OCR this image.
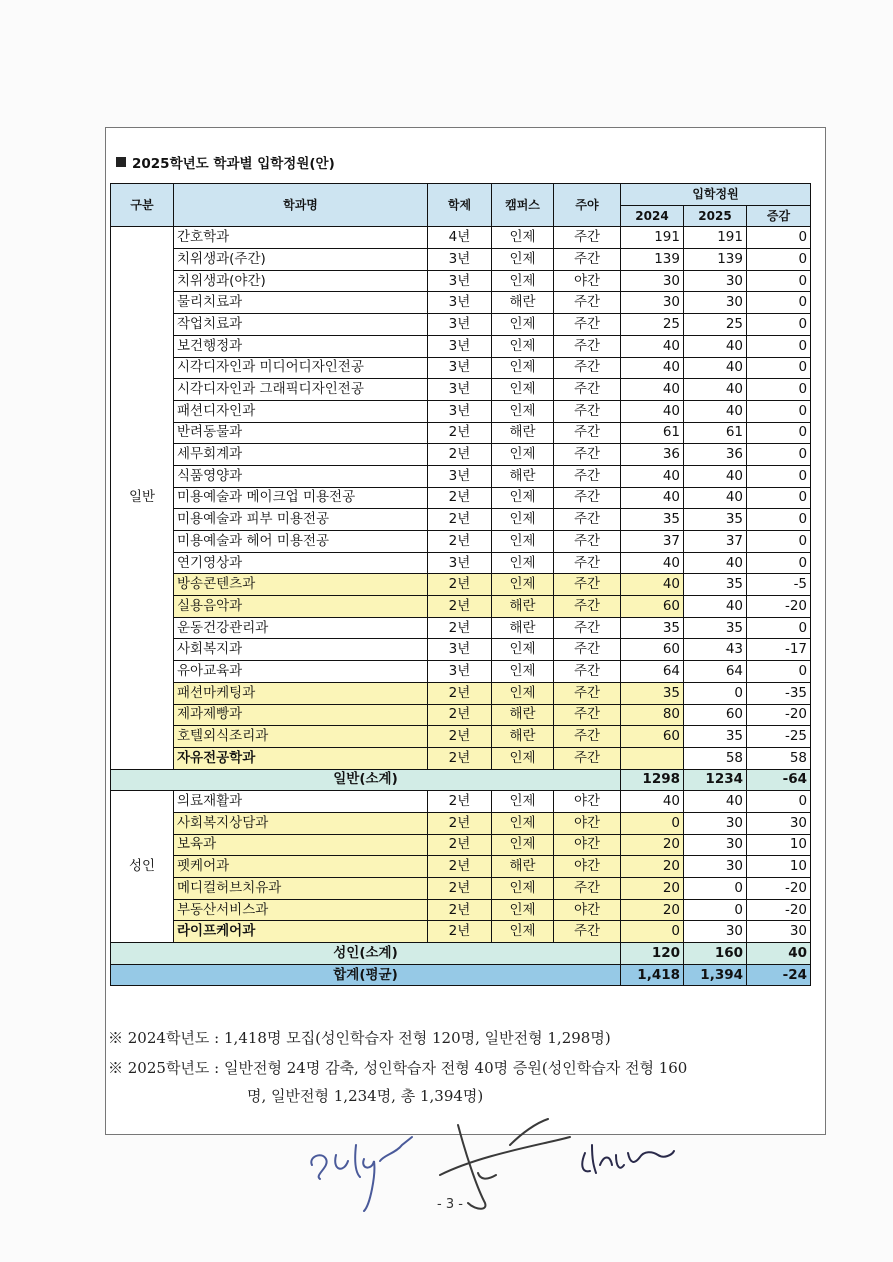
2025학년도 학과별 입학정원(안)
구분	학과명	학제	캠퍼스	주야	입학정원		
					2024	2025	증감
일반	간호학과	4년	인제	주간	191	191	0
	치위생과(주간)	3년	인제	주간	139	139	0
	치위생과(야간)	3년	인제	야간	30	30	0
	물리치료과	3년	해란	주간	30	30	0
	작업치료과	3년	인제	주간	25	25	0
	보건행정과	3년	인제	주간	40	40	0
	시각디자인과 미디어디자인전공	3년	인제	주간	40	40	0
	시각디자인과 그래픽디자인전공	3년	인제	주간	40	40	0
	패션디자인과	3년	인제	주간	40	40	0
	반려동물과	2년	해란	주간	61	61	0
	세무회계과	2년	인제	주간	36	36	0
	식품영양과	3년	해란	주간	40	40	0
	미용예술과 메이크업 미용전공	2년	인제	주간	40	40	0
	미용예술과 피부 미용전공	2년	인제	주간	35	35	0
	미용예술과 헤어 미용전공	2년	인제	주간	37	37	0
	연기영상과	3년	인제	주간	40	40	0
	방송콘텐츠과	2년	인제	주간	40	35	-5
	실용음악과	2년	해란	주간	60	40	-20
	운동건강관리과	2년	해란	주간	35	35	0
	사회복지과	3년	인제	주간	60	43	-17
	유아교육과	3년	인제	주간	64	64	0
	패션마케팅과	2년	인제	주간	35	0	-35
	제과제빵과	2년	해란	주간	80	60	-20
	호텔외식조리과	2년	해란	주간	60	35	-25
	자유전공학과	2년	인제	주간		58	58
일반(소계)					1298	1234	-64
성인	의료재활과	2년	인제	야간	40	40	0
	사회복지상담과	2년	인제	야간	0	30	30
	보육과	2년	인제	야간	20	30	10
	펫케어과	2년	해란	야간	20	30	10
	메디컬허브치유과	2년	인제	주간	20	0	-20
	부동산서비스과	2년	인제	야간	20	0	-20
	라이프케어과	2년	인제	주간	0	30	30
성인(소계)					120	160	40
합계(평균)					1,418	1,394	-24
※ 2024학년도 : 1,418명 모집(성인학습자 전형 120명, 일반전형 1,298명)
※ 2025학년도 : 일반전형 24명 감축, 성인학습자 전형 40명 증원(성인학습자 전형 160
명, 일반전형 1,234명, 총 1,394명)
- 3 -
